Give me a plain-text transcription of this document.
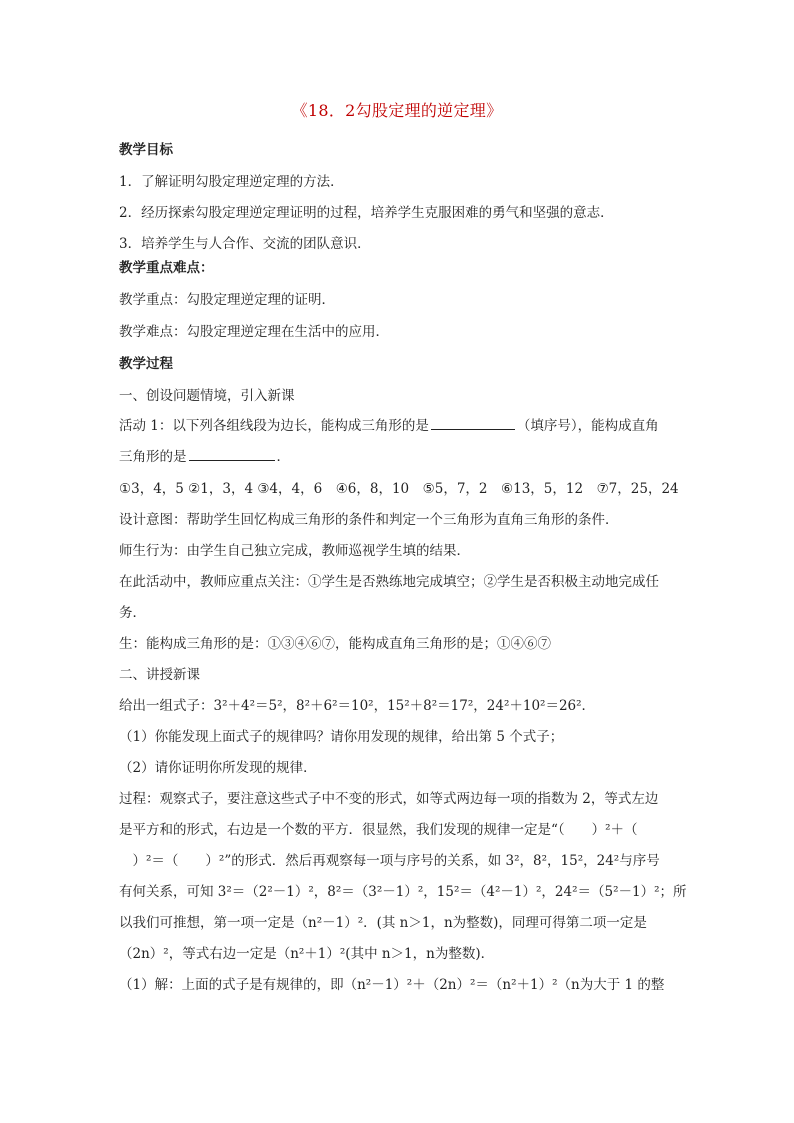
《18．2勾股定理的逆定理》
教学目标
1．了解证明勾股定理逆定理的方法．
2．经历探索勾股定理逆定理证明的过程，培养学生克服困难的勇气和坚强的意志．
3．培养学生与人合作、交流的团队意识．
教学重点难点：
教学重点：勾股定理逆定理的证明．
教学难点：勾股定理逆定理在生活中的应用．
教学过程
一、创设问题情境，引入新课
活动 1：以下列各组线段为边长，能构成三角形的是	（填序号），能构成直角
三角形的是	．
①3，4，5 ②1，3，4 ③4，4，6　④6，8，10　⑤5，7，2　⑥13，5，12　⑦7，25，24
设计意图：帮助学生回忆构成三角形的条件和判定一个三角形为直角三角形的条件．
师生行为：由学生自己独立完成，教师巡视学生填的结果．
在此活动中，教师应重点关注：①学生是否熟练地完成填空；②学生是否积极主动地完成任
务．
生：能构成三角形的是：①③④⑥⑦，能构成直角三角形的是；①④⑥⑦
二、讲授新课
给出一组式子：3²＋4²＝5²，8²＋6²＝10²，15²＋8²＝17²，24²＋10²＝26²．
（1）你能发现上面式子的规律吗？请你用发现的规律，给出第 5 个式子；
（2）请你证明你所发现的规律．
过程：观察式子，要注意这些式子中不变的形式，如等式两边每一项的指数为 2，等式左边
是平方和的形式，右边是一个数的平方．很显然，我们发现的规律一定是“（　　）²＋（
　）²＝（　　）²”的形式．然后再观察每一项与序号的关系，如 3²，8²，15²，24²与序号
有何关系，可知 3²＝（2²－1）²，8²＝（3²－1）²，15²＝（4²－1）²，24²＝（5²－1）²；所
以我们可推想，第一项一定是（n²－1）²．(其 n＞1，n为整数)，同理可得第二项一定是
（2n）²，等式右边一定是（n²＋1）²(其中 n＞1，n为整数)．
（1）解：上面的式子是有规律的，即（n²－1）²＋（2n）²＝（n²＋1）²（n为大于 1 的整
